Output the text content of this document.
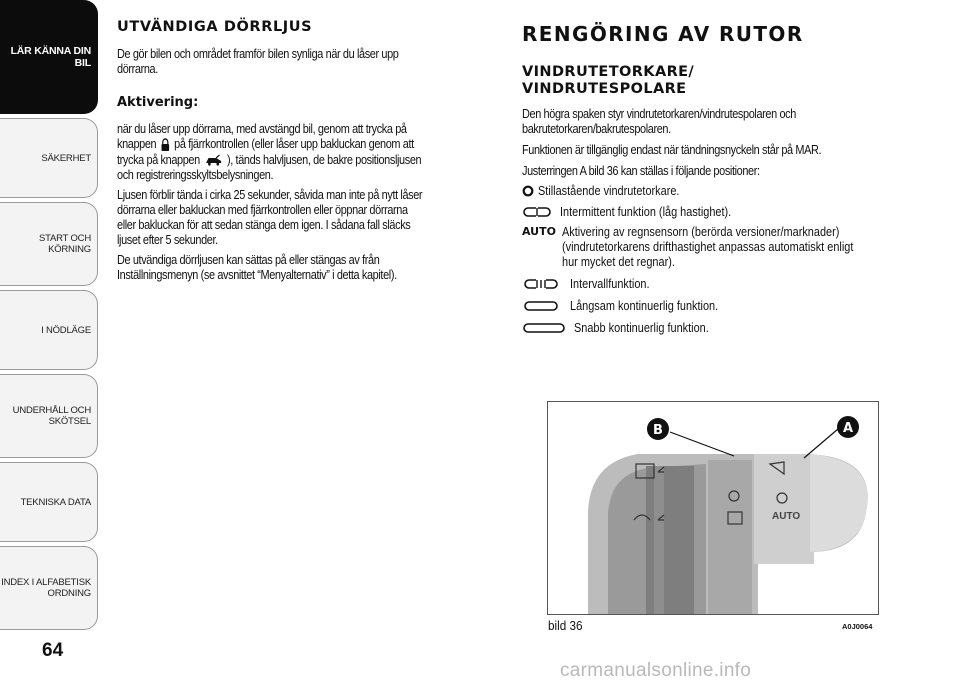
LÄR KÄNNA DIN
BIL
SÄKERHET
START OCH
KÖRNING
I NÖDLÄGE
UNDERHÅLL OCH
SKÖTSEL
TEKNISKA DATA
INDEX I ALFABETISK
ORDNING
64
UTVÄNDIGA DÖRRLJUS

De gör bilen och området framför bilen synliga när du låser upp
dörrarna.

Aktivering:

när du låser upp dörrarna, med avstängd bil, genom att trycka på
knappen på fjärrkontrollen (eller låser upp bakluckan genom att
trycka på knappen ), tänds halvljusen, de bakre positionsljusen
och registreringsskyltsbelysningen.

Ljusen förblir tända i cirka 25 sekunder, såvida man inte på nytt låser
dörrarna eller bakluckan med fjärrkontrollen eller öppnar dörrarna
eller bakluckan för att sedan stänga dem igen. I sådana fall släcks
ljuset efter 5 sekunder.

De utvändiga dörrljusen kan sättas på eller stängas av från
Inställningsmenyn (se avsnittet “Menyalternativ” i detta kapitel).

RENGÖRING AV RUTOR
VINDRUTETORKARE/
VINDRUTESPOLARE

Den högra spaken styr vindrutetorkaren/vindrutespolaren och
bakrutetorkaren/bakrutespolaren.

Funktionen är tillgänglig endast när tändningsnyckeln står på MAR.

Justerringen A bild 36 kan ställas i följande positioner:

Stillastående vindrutetorkare.
Intermittent funktion (låg hastighet).
AUTO Aktivering av regnsensorn (berörda versioner/marknader)
(vindrutetorkarens drifthastighet anpassas automatiskt enligt
hur mycket det regnar).
Intervallfunktion.
Långsam kontinuerlig funktion.
Snabb kontinuerlig funktion.
AUTO
B	A
bild 36	A0J0064
carmanualsonline.info
